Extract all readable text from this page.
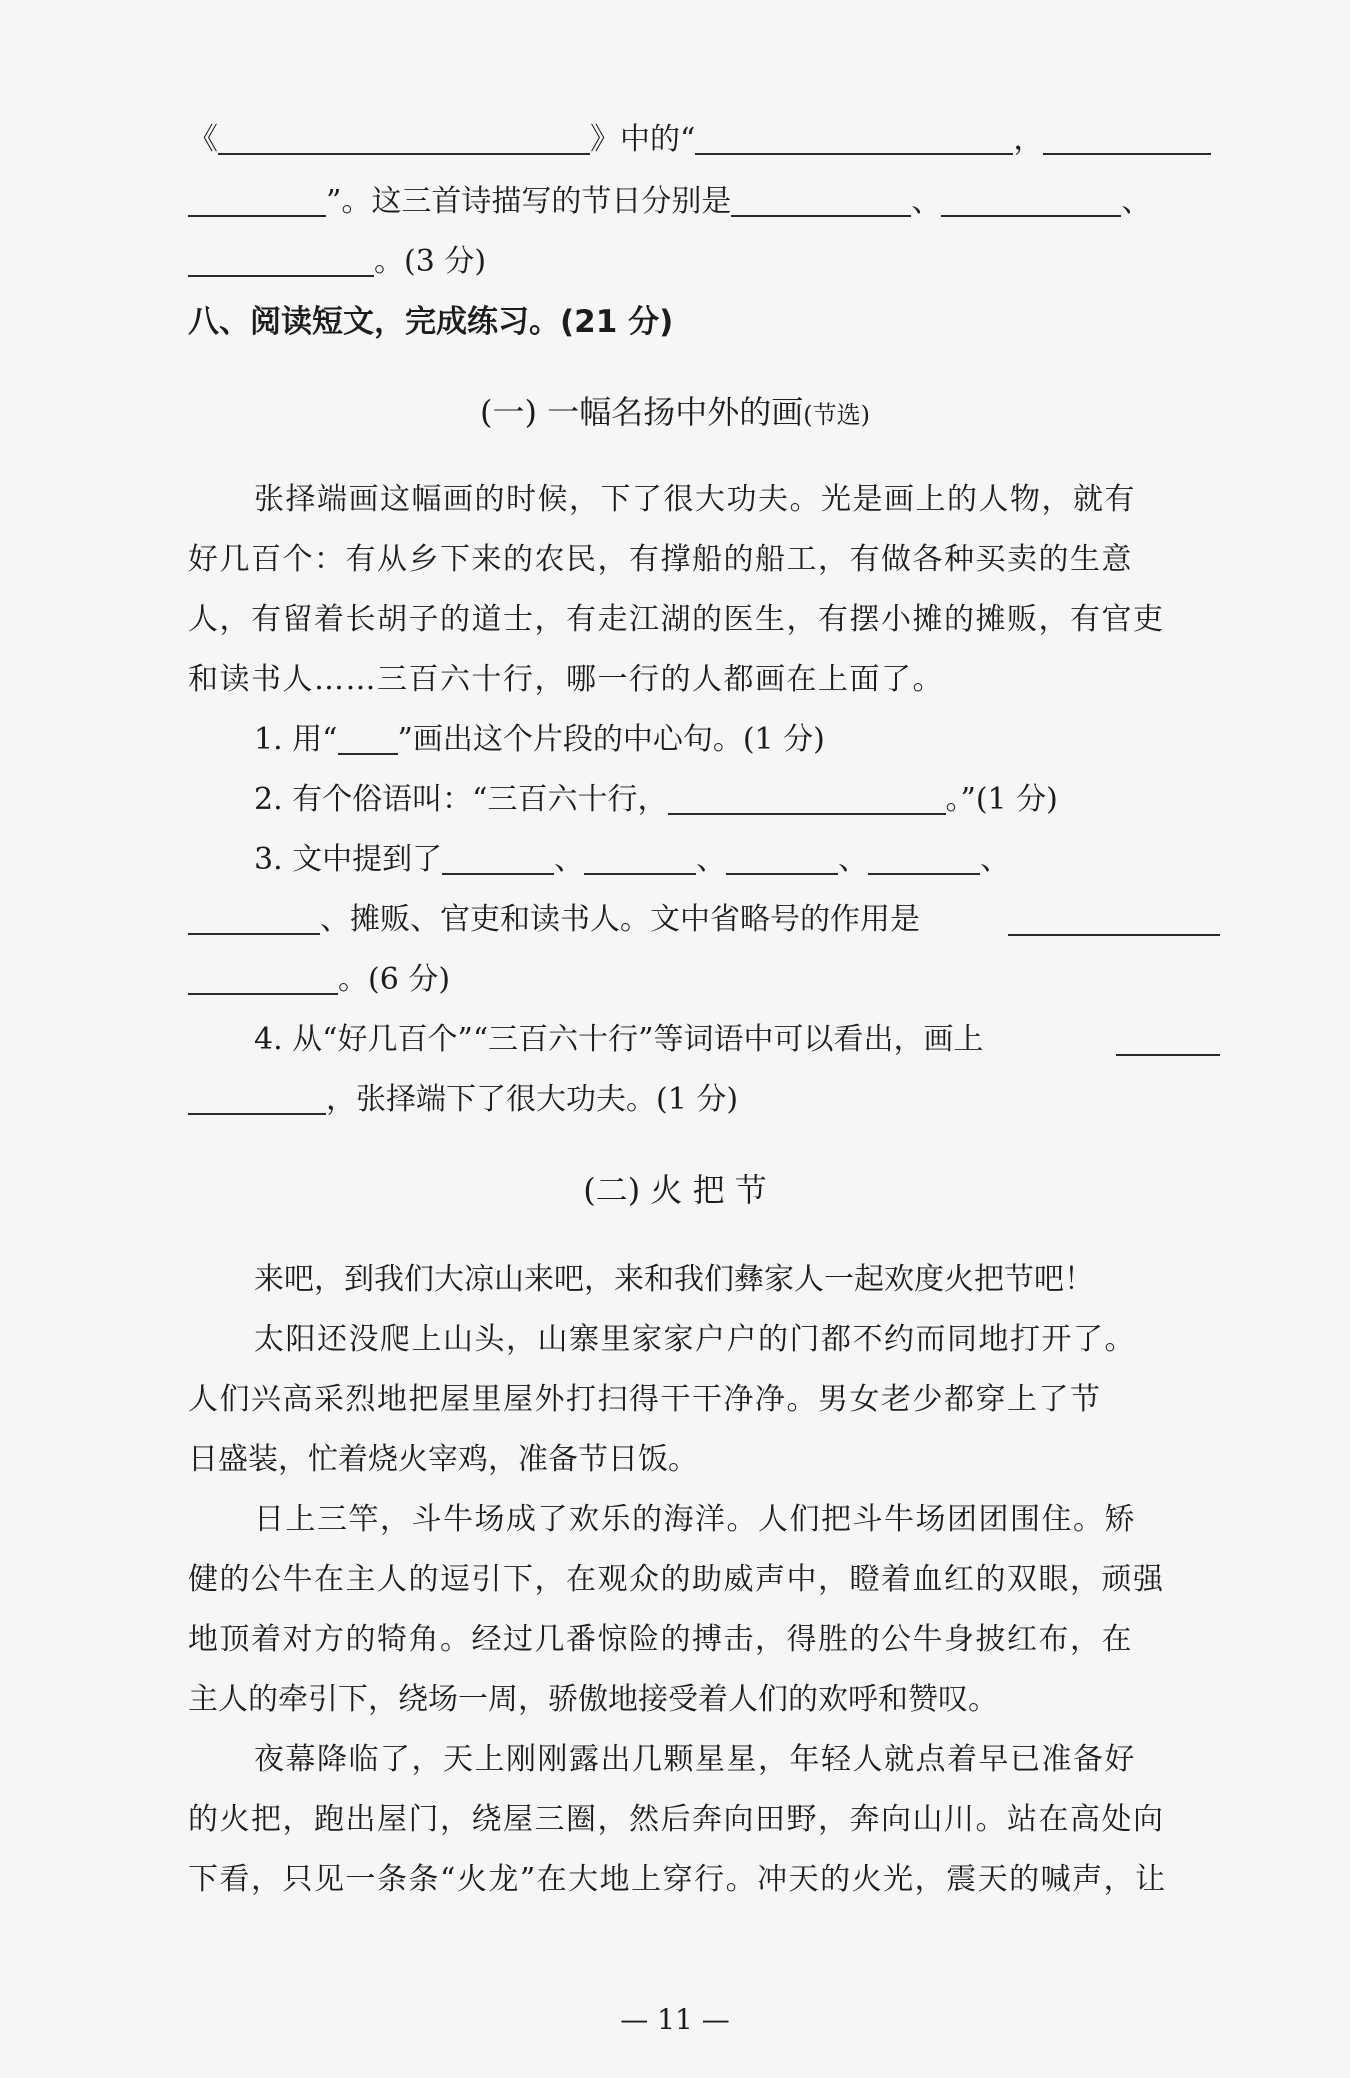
《	》中的“	，
”。这三首诗描写的节日分别是	、	、
。(3 分)
八、阅读短文，完成练习。(21 分)
(一) 一幅名扬中外的画(节选)
张择端画这幅画的时候，下了很大功夫。光是画上的人物，就有
好几百个：有从乡下来的农民，有撑船的船工，有做各种买卖的生意
人，有留着长胡子的道士，有走江湖的医生，有摆小摊的摊贩，有官吏
和读书人……三百六十行，哪一行的人都画在上面了。
1. 用“ ”画出这个片段的中心句。(1 分)
2. 有个俗语叫：“三百六十行，	。”(1 分)
3. 文中提到了	、	、	、	、
、摊贩、官吏和读书人。文中省略号的作用是
。(6 分)
4. 从“好几百个”“三百六十行”等词语中可以看出，画上
，张择端下了很大功夫。(1 分)
(二) 火 把 节
来吧，到我们大凉山来吧，来和我们彝家人一起欢度火把节吧！
太阳还没爬上山头，山寨里家家户户的门都不约而同地打开了。
人们兴高采烈地把屋里屋外打扫得干干净净。男女老少都穿上了节
日盛装，忙着烧火宰鸡，准备节日饭。
日上三竿，斗牛场成了欢乐的海洋。人们把斗牛场团团围住。矫
健的公牛在主人的逗引下，在观众的助威声中，瞪着血红的双眼，顽强
地顶着对方的犄角。经过几番惊险的搏击，得胜的公牛身披红布，在
主人的牵引下，绕场一周，骄傲地接受着人们的欢呼和赞叹。
夜幕降临了，天上刚刚露出几颗星星，年轻人就点着早已准备好
的火把，跑出屋门，绕屋三圈，然后奔向田野，奔向山川。站在高处向
下看，只见一条条“火龙”在大地上穿行。冲天的火光，震天的喊声，让
— 11 —
